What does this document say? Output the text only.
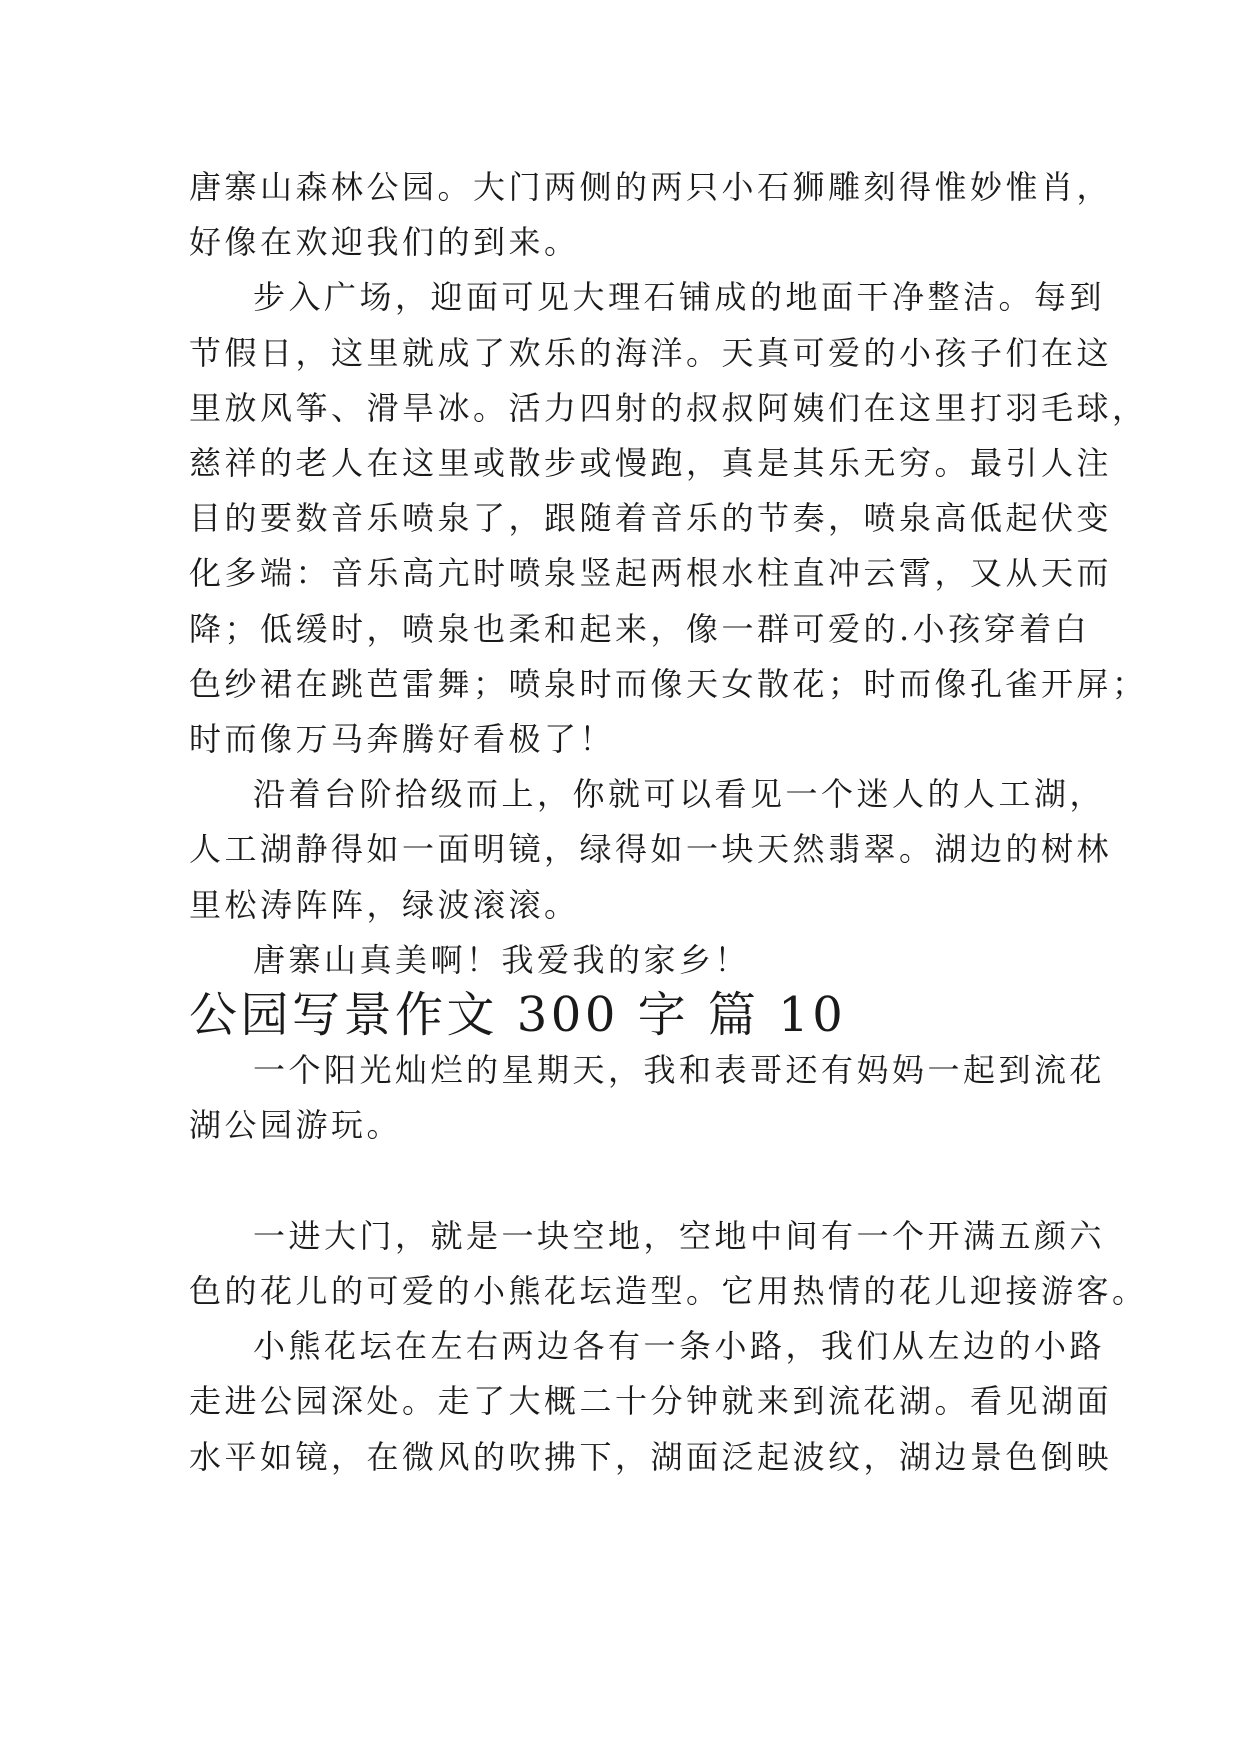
唐寨山森林公园。大门两侧的两只小石狮雕刻得惟妙惟肖，
好像在欢迎我们的到来。

步入广场，迎面可见大理石铺成的地面干净整洁。每到
节假日，这里就成了欢乐的海洋。天真可爱的小孩子们在这
里放风筝、滑旱冰。活力四射的叔叔阿姨们在这里打羽毛球，
慈祥的老人在这里或散步或慢跑，真是其乐无穷。最引人注
目的要数音乐喷泉了，跟随着音乐的节奏，喷泉高低起伏变
化多端：音乐高亢时喷泉竖起两根水柱直冲云霄，又从天而
降；低缓时，喷泉也柔和起来，像一群可爱的.小孩穿着白
色纱裙在跳芭雷舞；喷泉时而像天女散花；时而像孔雀开屏；
时而像万马奔腾好看极了！

沿着台阶拾级而上，你就可以看见一个迷人的人工湖，
人工湖静得如一面明镜，绿得如一块天然翡翠。湖边的树林
里松涛阵阵，绿波滚滚。

唐寨山真美啊！我爱我的家乡！

公园写景作文 300 字 篇 10

一个阳光灿烂的星期天，我和表哥还有妈妈一起到流花
湖公园游玩。

一进大门，就是一块空地，空地中间有一个开满五颜六
色的花儿的可爱的小熊花坛造型。它用热情的花儿迎接游客。

小熊花坛在左右两边各有一条小路，我们从左边的小路
走进公园深处。走了大概二十分钟就来到流花湖。看见湖面
水平如镜，在微风的吹拂下，湖面泛起波纹，湖边景色倒映
